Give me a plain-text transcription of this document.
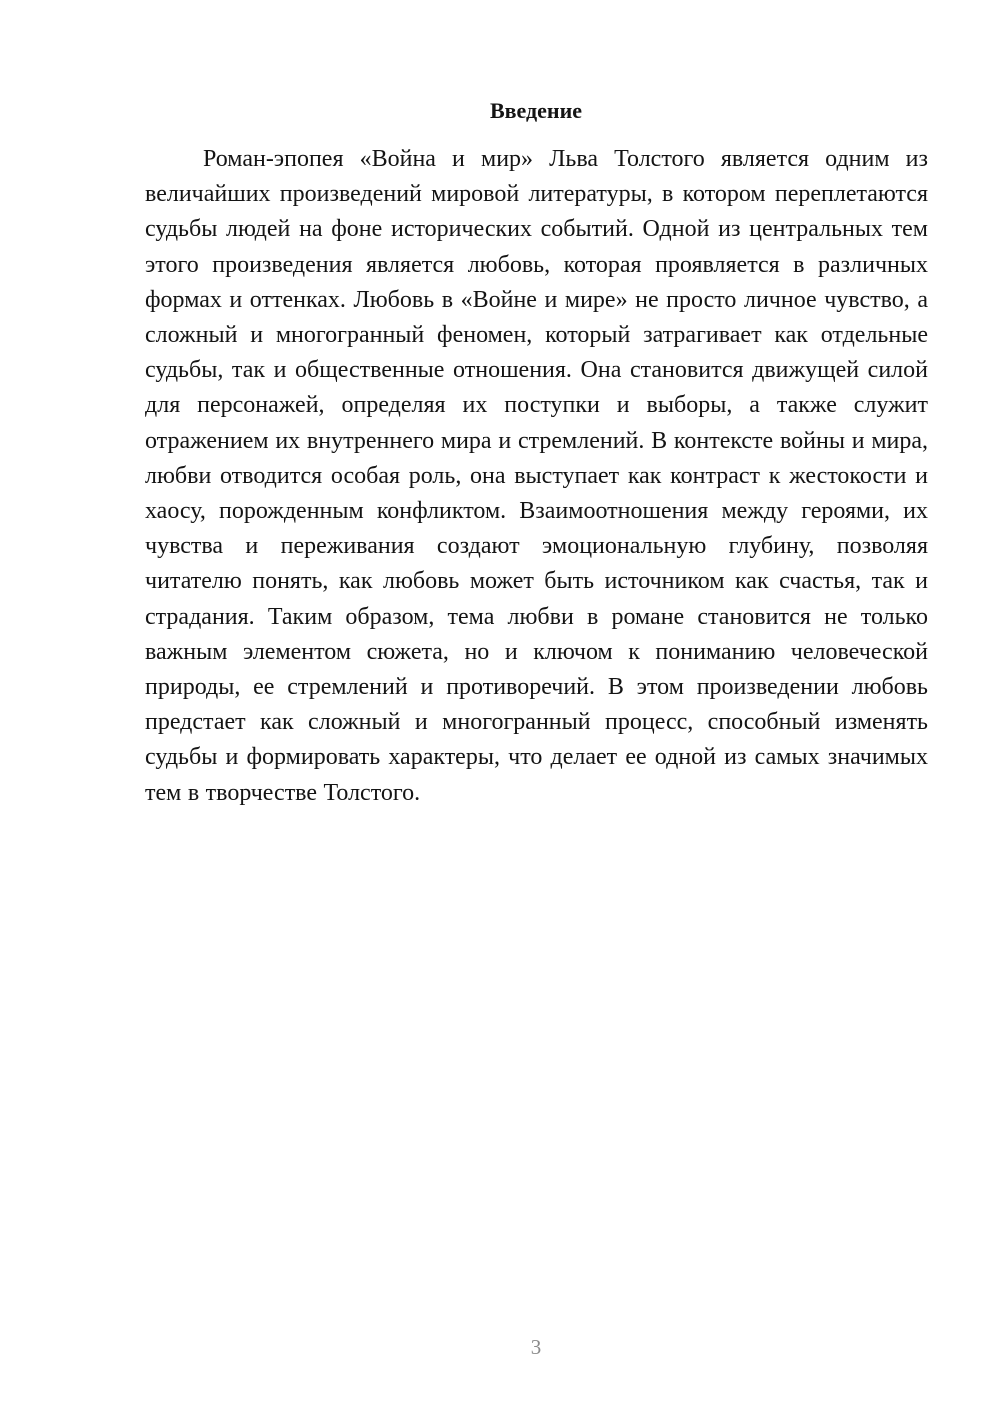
Введение

Роман-эпопея «Война и мир» Льва Толстого является одним из величайших произведений мировой литературы, в котором переплетаются судьбы людей на фоне исторических событий. Одной из центральных тем этого произведения является любовь, которая проявляется в различных формах и оттенках. Любовь в «Войне и мире» не просто личное чувство, а сложный и многогранный феномен, который затрагивает как отдельные судьбы, так и общественные отношения. Она становится движущей силой для персонажей, определяя их поступки и выборы, а также служит отражением их внутреннего мира и стремлений. В контексте войны и мира, любви отводится особая роль, она выступает как контраст к жестокости и хаосу, порожденным конфликтом. Взаимоотношения между героями, их чувства и переживания создают эмоциональную глубину, позволяя читателю понять, как любовь может быть источником как счастья, так и страдания. Таким образом, тема любви в романе становится не только важным элементом сюжета, но и ключом к пониманию человеческой природы, ее стремлений и противоречий. В этом произведении любовь предстает как сложный и многогранный процесс, способный изменять судьбы и формировать характеры, что делает ее одной из самых значимых тем в творчестве Толстого.

3
